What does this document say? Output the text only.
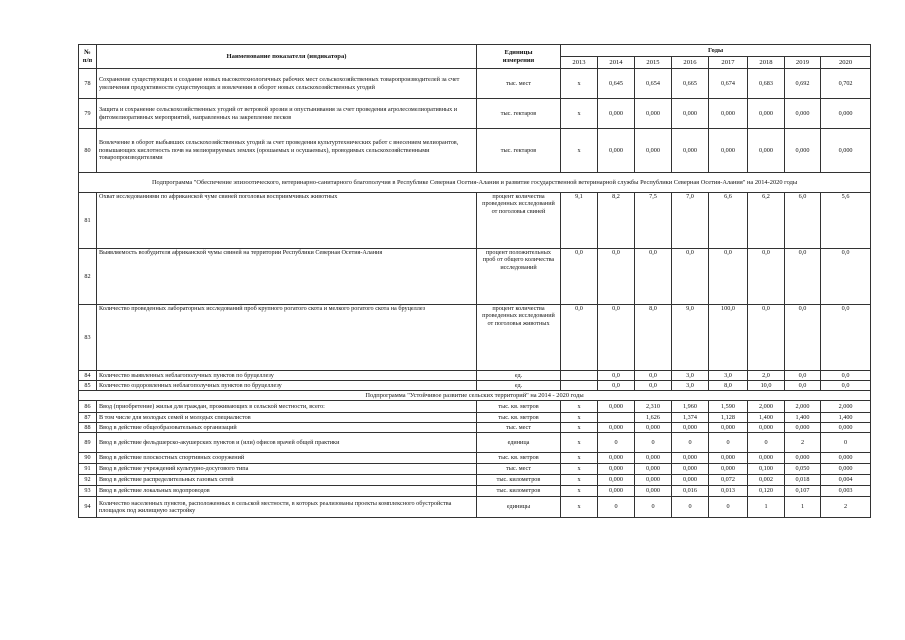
№
п/п	Наименование показателя (индикатора)	Единицы
измерения	Годы								
			2013	2014	2015	2016	2017	2018	2019	2020	
78	Сохранение существующих и создание новых высокотехнологичных рабочих мест сельскохозяйственных товаропроизводителей за счет увеличения продуктивности существующих и вовлечения в оборот новых сельскохозяйственных угодий	тыс. мест	x	0,645	0,654	0,665	0,674	0,683	0,692	0,702	
79	Защита и сохранение сельскохозяйственных угодий от ветровой эрозии и опустынивания за счет проведения агролесомелиоративных и фитомелиоративных мероприятий, направленных на закрепление песков	тыс. гектаров	x	0,000	0,000	0,000	0,000	0,000	0,000	0,000	
80	Вовлечение в оборот выбывших сельскохозяйственных угодий за счет проведения культуртехнических работ с внесением мелиорантов, повышающих кислотность почв на мелиорируемых землях (орошаемых и осушаемых), проводимых сельскохозяйственными товаропроизводителями	тыс. гектаров	x	0,000	0,000	0,000	0,000	0,000	0,000	0,000	
Подпрограмма "Обеспечение эпизоотического, ветеринарно-санитарного благополучия в Республике Северная Осетия-Алания и развитие государственной ветеринарной службы Республики Северная Осетия-Алания" на 2014-2020 годы											
81	Охват исследованиями по африканской чуме свиней поголовья восприимчивых животных	процент количества проведенных исследований от поголовья свиней	9,1	8,2	7,5	7,0	6,6	6,2	6,0	5,6	
82	Выявляемость возбудителя африканской чумы свиней на территории Республики Северная Осетия-Алания	процент положительных проб от общего количества исследований	0,0	0,0	0,0	0,0	0,0	0,0	0,0	0,0	
83	Количество проведенных лабораторных исследований проб крупного рогатого скота и мелкого рогатого скота на бруцеллез	процент количества проведенных исследований от поголовья животных	0,0	0,0	8,0	9,0	100,0	0,0	0,0	0,0	
84	Количество выявленных неблагополучных пунктов по бруцеллезу	ед.		0,0	0,0	3,0	3,0	2,0	0,0	0,0	
85	Количество оздоровленных неблагополучных пунктов по бруцеллезу	ед.		0,0	0,0	3,0	8,0	10,0	0,0	0,0	
Подпрограмма "Устойчивое развитие сельских территорий" на 2014 - 2020 годы											
86	Ввод (приобретение) жилья для граждан, проживающих в сельской местности, всего:	тыс. кв. метров	x	0,000	2,310	1,960	1,590	2,000	2,000	2,000	
87	В том числе для молодых семей и молодых специалистов	тыс. кв. метров	x		1,626	1,374	1,128	1,400	1,400	1,400	
88	Ввод в действие общеобразовательных организаций	тыс. мест	x	0,000	0,000	0,000	0,000	0,000	0,000	0,000	
89	Ввод в действие фельдшерско-акушерских пунктов и (или) офисов врачей общей практики	единица	x	0	0	0	0	0	2	0	
90	Ввод в действие плоскостных спортивных сооружений	тыс. кв. метров	x	0,000	0,000	0,000	0,000	0,000	0,000	0,000	
91	Ввод в действие учреждений культурно-досугового типа	тыс. мест	x	0,000	0,000	0,000	0,000	0,100	0,050	0,000	
92	Ввод в действие распределительных газовых сетей	тыс. километров	x	0,000	0,000	0,000	0,072	0,002	0,018	0,004	
93	Ввод в действие локальных водопроводов	тыс. километров	x	0,000	0,000	0,016	0,013	0,120	0,107	0,003	
94	Количество населенных пунктов, расположенных в сельской местности, в которых реализованы проекты комплексного обустройства площадок под жилищную застройку	единицы	x	0	0	0	0	1	1	2	
